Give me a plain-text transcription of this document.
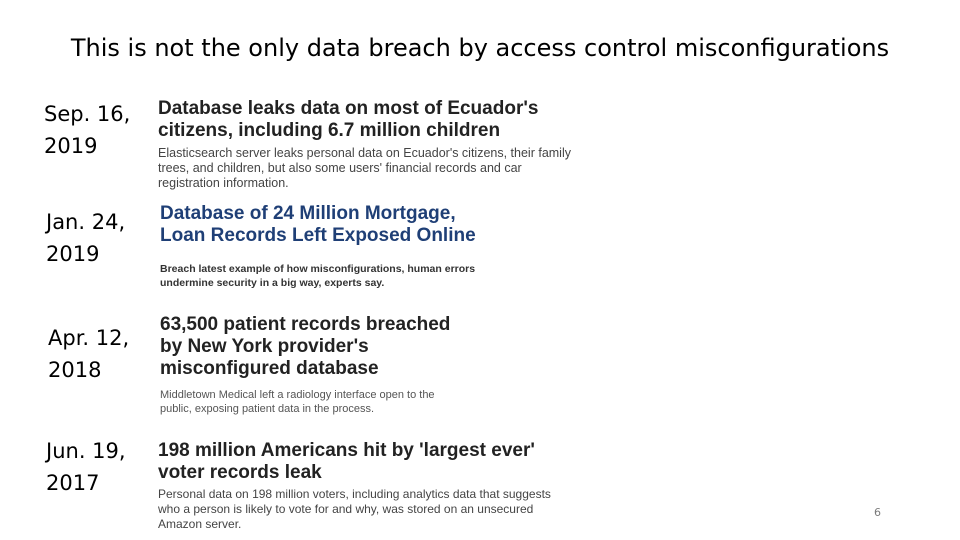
This is not the only data breach by access control misconfigurations
Sep. 16,
2019
Database leaks data on most of Ecuador's
citizens, including 6.7 million children
Elasticsearch server leaks personal data on Ecuador's citizens, their family
trees, and children, but also some users' financial records and car
registration information.
Jan. 24,
2019
Database of 24 Million Mortgage,
Loan Records Left Exposed Online
Breach latest example of how misconfigurations, human errors
undermine security in a big way, experts say.
Apr. 12,
2018
63,500 patient records breached
by New York provider's
misconfigured database
Middletown Medical left a radiology interface open to the
public, exposing patient data in the process.
Jun. 19,
2017
198 million Americans hit by 'largest ever'
voter records leak
Personal data on 198 million voters, including analytics data that suggests
who a person is likely to vote for and why, was stored on an unsecured
Amazon server.
6
